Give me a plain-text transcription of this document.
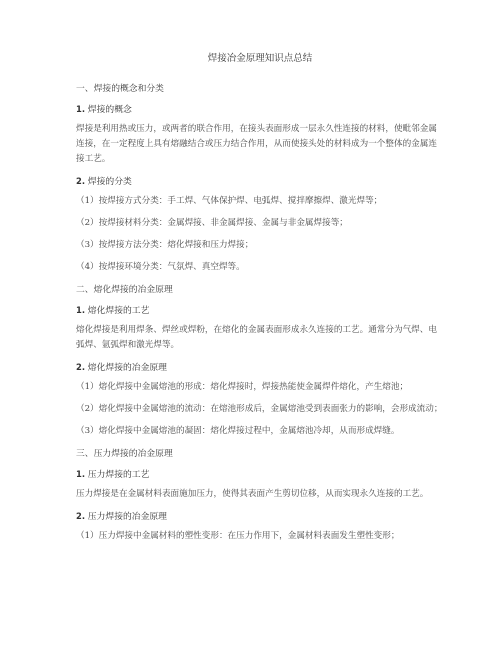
焊接冶金原理知识点总结
一、焊接的概念和分类
1. 焊接的概念
焊接是利用热或压力，或两者的联合作用，在接头表面形成一层永久性连接的材料，使毗邻金属连接，在一定程度上具有熔融结合或压力结合作用，从而使接头处的材料成为一个整体的金属连接工艺。
2. 焊接的分类
（1）按焊接方式分类：手工焊、气体保护焊、电弧焊、搅拌摩擦焊、激光焊等；
（2）按焊接材料分类：金属焊接、非金属焊接、金属与非金属焊接等；
（3）按焊接方法分类：熔化焊接和压力焊接；
（4）按焊接环境分类：气氛焊、真空焊等。
二、熔化焊接的冶金原理
1. 熔化焊接的工艺
熔化焊接是利用焊条、焊丝或焊粉，在熔化的金属表面形成永久连接的工艺。通常分为气焊、电弧焊、氩弧焊和激光焊等。
2. 熔化焊接的冶金原理
（1）熔化焊接中金属熔池的形成：熔化焊接时，焊接热能使金属焊件熔化，产生熔池；
（2）熔化焊接中金属熔池的流动：在熔池形成后，金属熔池受到表面张力的影响，会形成流动；
（3）熔化焊接中金属熔池的凝固：熔化焊接过程中，金属熔池冷却，从而形成焊缝。
三、压力焊接的冶金原理
1. 压力焊接的工艺
压力焊接是在金属材料表面施加压力，使得其表面产生剪切位移，从而实现永久连接的工艺。
2. 压力焊接的冶金原理
（1）压力焊接中金属材料的塑性变形：在压力作用下，金属材料表面发生塑性变形；
